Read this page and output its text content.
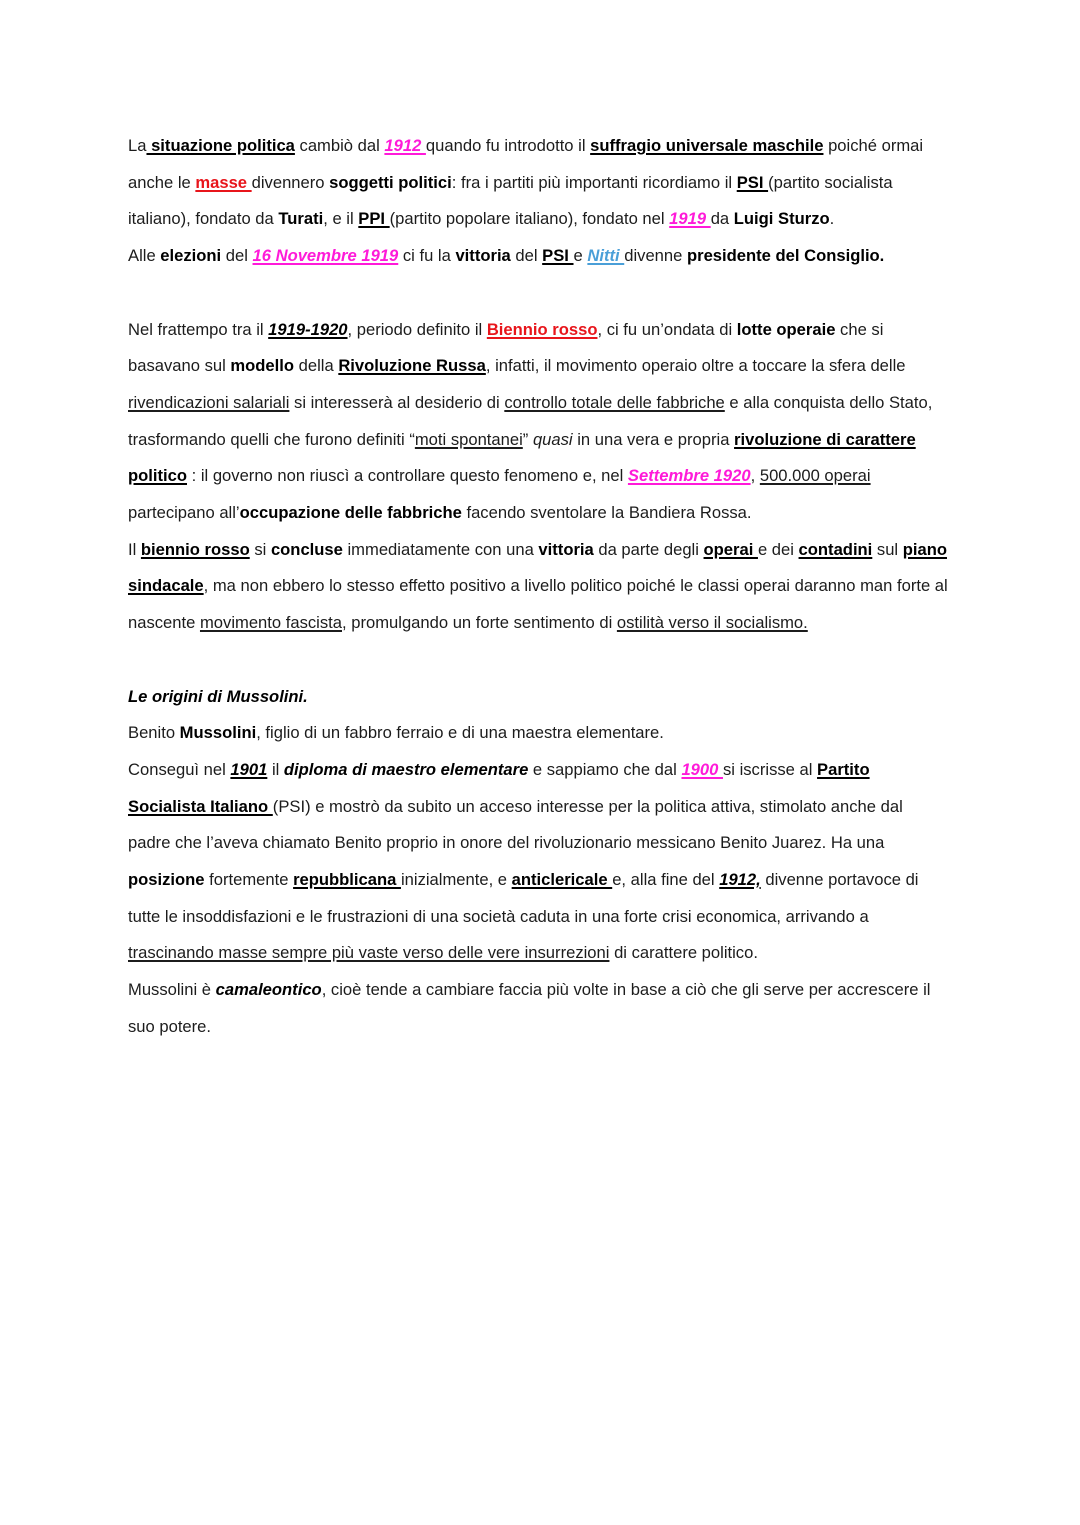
La situazione politica cambiò dal 1912 quando fu introdotto il suffragio universale maschile poiché ormai anche le masse divennero soggetti politici: fra i partiti più importanti ricordiamo il PSI (partito socialista italiano), fondato da Turati, e il PPI (partito popolare italiano), fondato nel 1919 da Luigi Sturzo.

Alle elezioni del 16 Novembre 1919 ci fu la vittoria del PSI e Nitti divenne presidente del Consiglio.

Nel frattempo tra il 1919-1920, periodo definito il Biennio rosso, ci fu un’ondata di lotte operaie che si basavano sul modello della Rivoluzione Russa, infatti, il movimento operaio oltre a toccare la sfera delle rivendicazioni salariali si interesserà al desiderio di controllo totale delle fabbriche e alla conquista dello Stato, trasformando quelli che furono definiti “moti spontanei” quasi in una vera e propria rivoluzione di carattere politico : il governo non riuscì a controllare questo fenomeno e, nel Settembre 1920, 500.000 operai partecipano all’occupazione delle fabbriche facendo sventolare la Bandiera Rossa.

Il biennio rosso si concluse immediatamente con una vittoria da parte degli operai e dei contadini sul piano sindacale, ma non ebbero lo stesso effetto positivo a livello politico poiché le classi operai daranno man forte al nascente movimento fascista, promulgando un forte sentimento di ostilità verso il socialismo.

Le origini di Mussolini.

Benito Mussolini, figlio di un fabbro ferraio e di una maestra elementare.

Conseguì nel 1901 il diploma di maestro elementare e sappiamo che dal 1900 si iscrisse al Partito Socialista Italiano (PSI) e mostrò da subito un acceso interesse per la politica attiva, stimolato anche dal padre che l’aveva chiamato Benito proprio in onore del rivoluzionario messicano Benito Juarez. Ha una posizione fortemente repubblicana inizialmente, e anticlericale e, alla fine del 1912, divenne portavoce di tutte le insoddisfazioni e le frustrazioni di una società caduta in una forte crisi economica, arrivando a trascinando masse sempre più vaste verso delle vere insurrezioni di carattere politico.

Mussolini è camaleontico, cioè tende a cambiare faccia più volte in base a ciò che gli serve per accrescere il suo potere.
